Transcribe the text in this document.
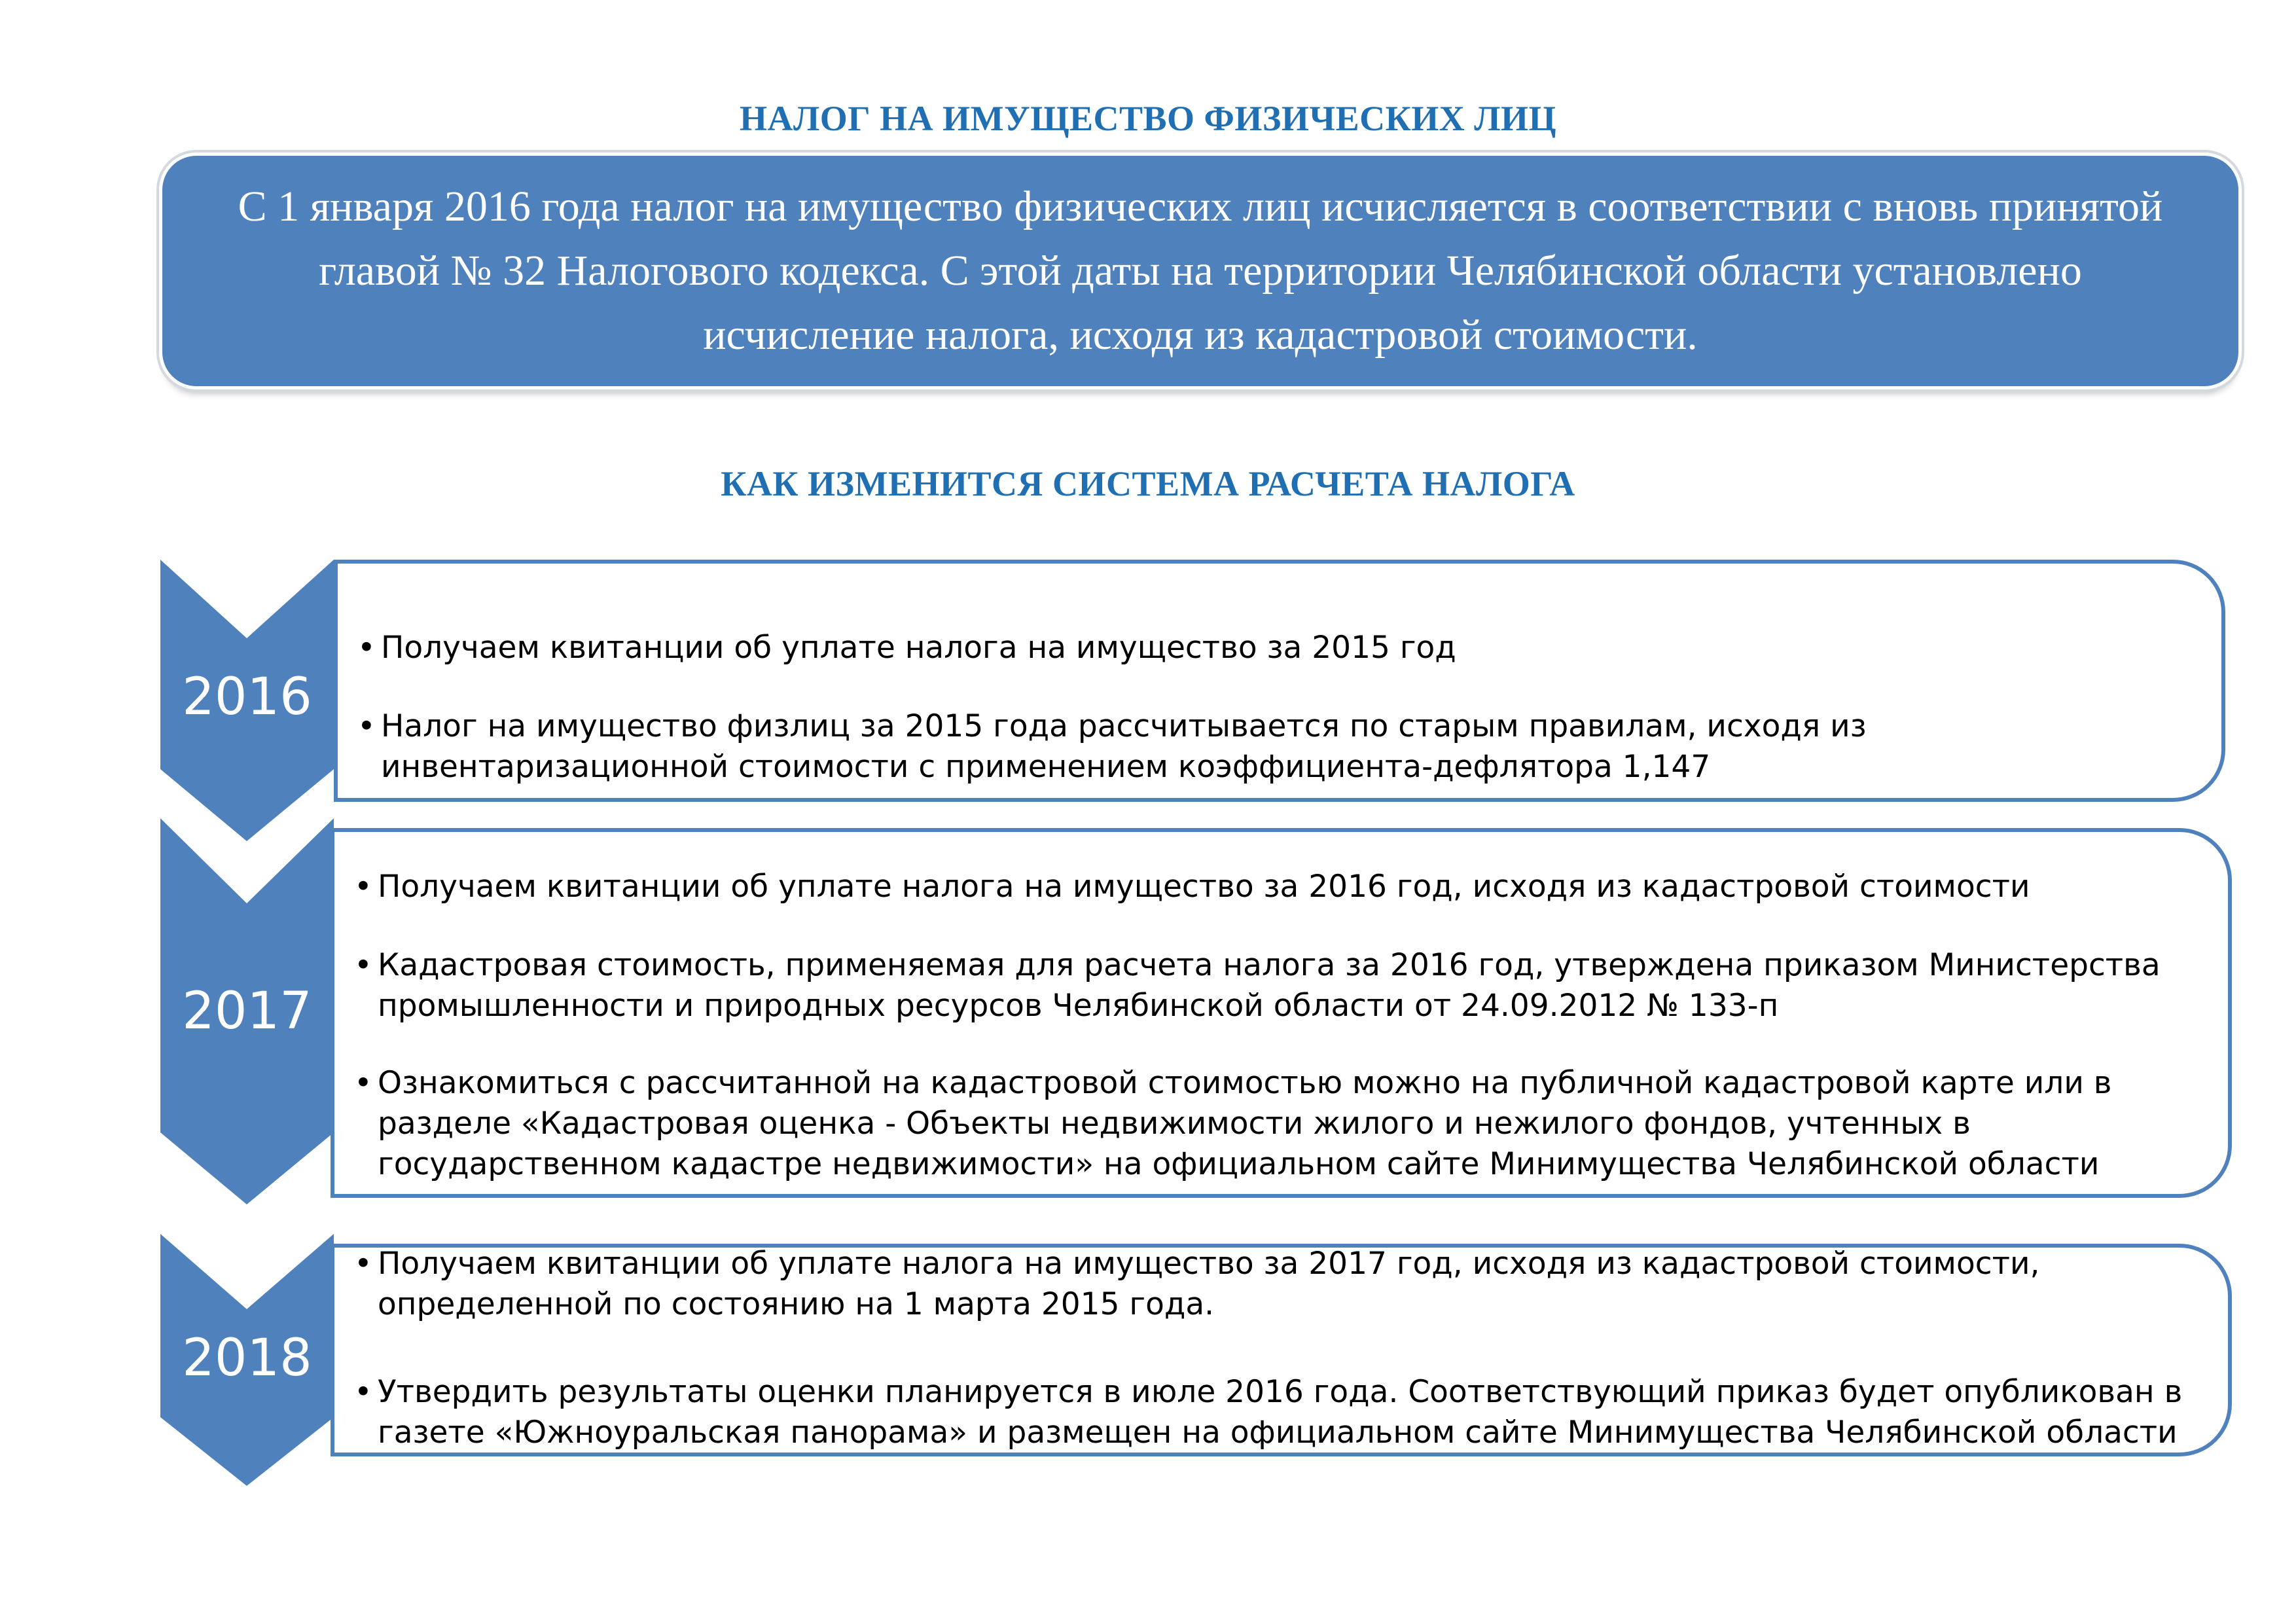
НАЛОГ НА ИМУЩЕСТВО ФИЗИЧЕСКИХ ЛИЦ

С 1 января 2016 года налог на имущество физических лиц исчисляется в соответствии с вновь принятой главой № 32 Налогового кодекса. С этой даты на территории Челябинской области установлено исчисление налога, исходя из кадастровой стоимости.

КАК ИЗМЕНИТСЯ СИСТЕМА РАСЧЕТА НАЛОГА
2016
• Получаем квитанции об уплате налога на имущество за 2015 год
• Налог на имущество физлиц за 2015 года рассчитывается по старым правилам, исходя из инвентаризационной стоимости с применением коэффициента-дефлятора 1,147
2017
• Получаем квитанции об уплате налога на имущество за 2016 год, исходя из кадастровой стоимости
• Кадастровая стоимость, применяемая для расчета налога за 2016 год, утверждена приказом Министерства промышленности и природных ресурсов Челябинской области от 24.09.2012 № 133-п
• Ознакомиться с рассчитанной на кадастровой стоимостью можно на публичной кадастровой карте или в разделе «Кадастровая оценка - Объекты недвижимости жилого и нежилого фондов, учтенных в государственном кадастре недвижимости» на официальном сайте Минимущества Челябинской области
2018
• Получаем квитанции об уплате налога на имущество за 2017 год, исходя из кадастровой стоимости, определенной по состоянию на 1 марта 2015 года.
• Утвердить результаты оценки планируется в июле 2016 года. Соответствующий приказ будет опубликован в газете «Южноуральская панорама» и размещен на официальном сайте Минимущества Челябинской области
